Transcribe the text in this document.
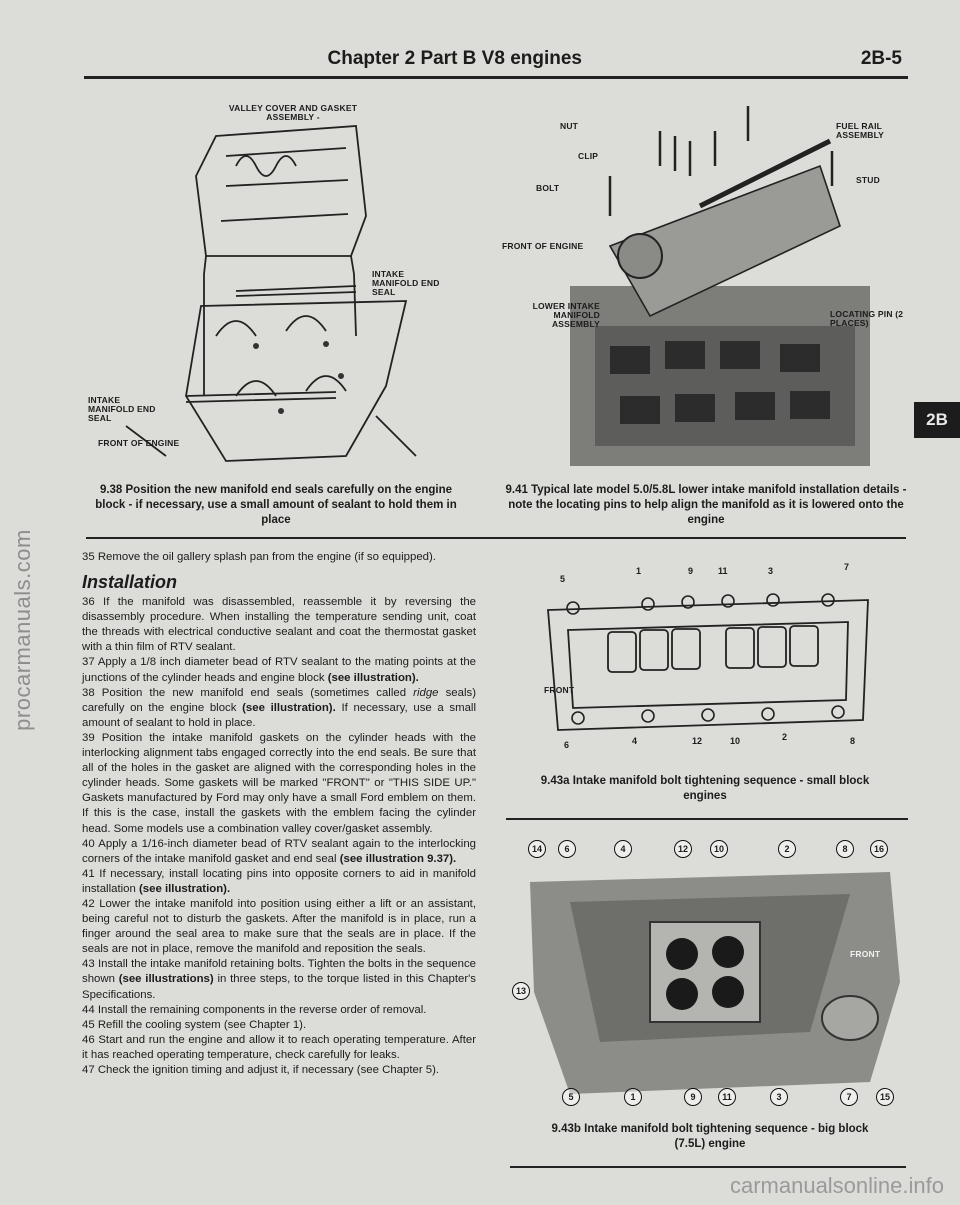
procarmanuals.com
Chapter 2 Part B V8 engines	2B-5
2B
VALLEY COVER AND GASKET ASSEMBLY -
INTAKE MANIFOLD END SEAL
INTAKE MANIFOLD END SEAL
FRONT OF ENGINE
9.38 Position the new manifold end seals carefully on the engine block - if necessary, use a small amount of sealant to hold them in place
NUT
CLIP
BOLT
FUEL RAIL ASSEMBLY
STUD
FRONT OF ENGINE
LOWER INTAKE MANIFOLD ASSEMBLY
LOCATING PIN (2 PLACES)
9.41 Typical late model 5.0/5.8L lower intake manifold installation details - note the locating pins to help align the manifold as it is lowered onto the engine
1	9	11	3	7
5
6	4	12	10	2	8
FRONT
9.43a Intake manifold bolt tightening sequence - small block engines
14	6	4	12	10	2	8	16
13
5	1	9	11	3	7	15
FRONT
9.43b Intake manifold bolt tightening sequence - big block (7.5L) engine

35 Remove the oil gallery splash pan from the engine (if so equipped).

Installation

36 If the manifold was disassembled, reassemble it by reversing the disassembly procedure. When installing the temperature sending unit, coat the threads with electrical conductive sealant and coat the thermostat gasket with a thin film of RTV sealant.

37 Apply a 1/8 inch diameter bead of RTV sealant to the mating points at the junctions of the cylinder heads and engine block (see illustration).

38 Position the new manifold end seals (sometimes called ridge seals) carefully on the engine block (see illustration). If necessary, use a small amount of sealant to hold in place.

39 Position the intake manifold gaskets on the cylinder heads with the interlocking alignment tabs engaged correctly into the end seals. Be sure that all of the holes in the gasket are aligned with the corresponding holes in the cylinder heads. Some gaskets will be marked "FRONT" or "THIS SIDE UP." Gaskets manufactured by Ford may only have a small Ford emblem on them. If this is the case, install the gaskets with the emblem facing the cylinder head. Some models use a combination valley cover/gasket assembly.

40 Apply a 1/16-inch diameter bead of RTV sealant again to the interlocking corners of the intake manifold gasket and end seal (see illustration 9.37).

41 If necessary, install locating pins into opposite corners to aid in manifold installation (see illustration).

42 Lower the intake manifold into position using either a lift or an assistant, being careful not to disturb the gaskets. After the manifold is in place, run a finger around the seal area to make sure that the seals are in place. If the seals are not in place, remove the manifold and reposition the seals.

43 Install the intake manifold retaining bolts. Tighten the bolts in the sequence shown (see illustrations) in three steps, to the torque listed in this Chapter's Specifications.

44 Install the remaining components in the reverse order of removal.

45 Refill the cooling system (see Chapter 1).

46 Start and run the engine and allow it to reach operating temperature. After it has reached operating temperature, check carefully for leaks.

47 Check the ignition timing and adjust it, if necessary (see Chapter 5).

carmanualsonline.info
